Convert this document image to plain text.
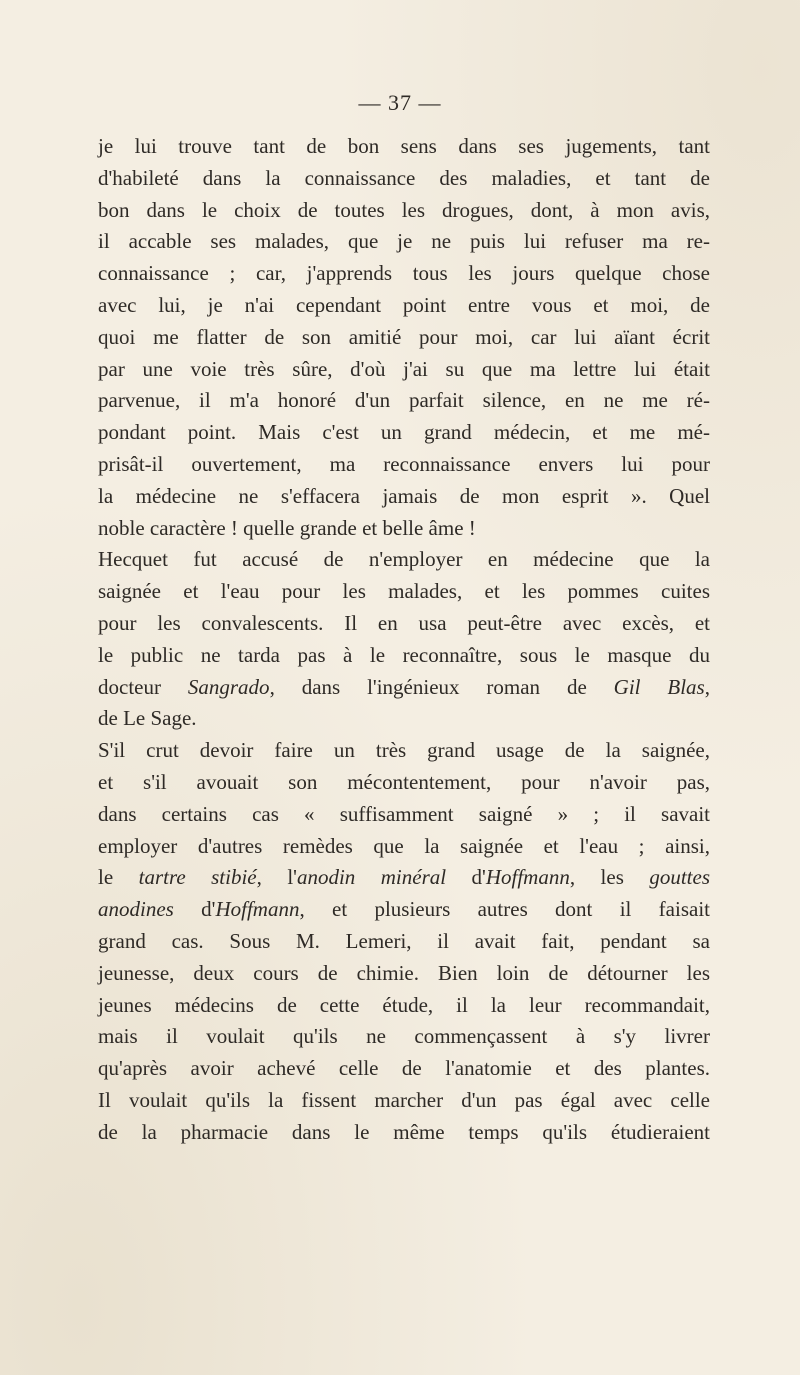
— 37 —
je lui trouve tant de bon sens dans ses jugements, tant
d'habileté dans la connaissance des maladies, et tant de
bon dans le choix de toutes les drogues, dont, à mon avis,
il accable ses malades, que je ne puis lui refuser ma re-
connaissance ; car, j'apprends tous les jours quelque chose
avec lui, je n'ai cependant point entre vous et moi, de
quoi me flatter de son amitié pour moi, car lui aïant écrit
par une voie très sûre, d'où j'ai su que ma lettre lui était
parvenue, il m'a honoré d'un parfait silence, en ne me ré-
pondant point. Mais c'est un grand médecin, et me mé-
prisât-il ouvertement, ma reconnaissance envers lui pour
la médecine ne s'effacera jamais de mon esprit ». Quel
noble caractère ! quelle grande et belle âme !
Hecquet fut accusé de n'employer en médecine que la
saignée et l'eau pour les malades, et les pommes cuites
pour les convalescents. Il en usa peut-être avec excès, et
le public ne tarda pas à le reconnaître, sous le masque du
docteur Sangrado, dans l'ingénieux roman de Gil Blas,
de Le Sage.
S'il crut devoir faire un très grand usage de la saignée,
et s'il avouait son mécontentement, pour n'avoir pas,
dans certains cas « suffisamment saigné » ; il savait
employer d'autres remèdes que la saignée et l'eau ; ainsi,
le tartre stibié, l'anodin minéral d'Hoffmann, les gouttes
anodines d'Hoffmann, et plusieurs autres dont il faisait
grand cas. Sous M. Lemeri, il avait fait, pendant sa
jeunesse, deux cours de chimie. Bien loin de détourner les
jeunes médecins de cette étude, il la leur recommandait,
mais il voulait qu'ils ne commençassent à s'y livrer
qu'après avoir achevé celle de l'anatomie et des plantes.
Il voulait qu'ils la fissent marcher d'un pas égal avec celle
de la pharmacie dans le même temps qu'ils étudieraient
